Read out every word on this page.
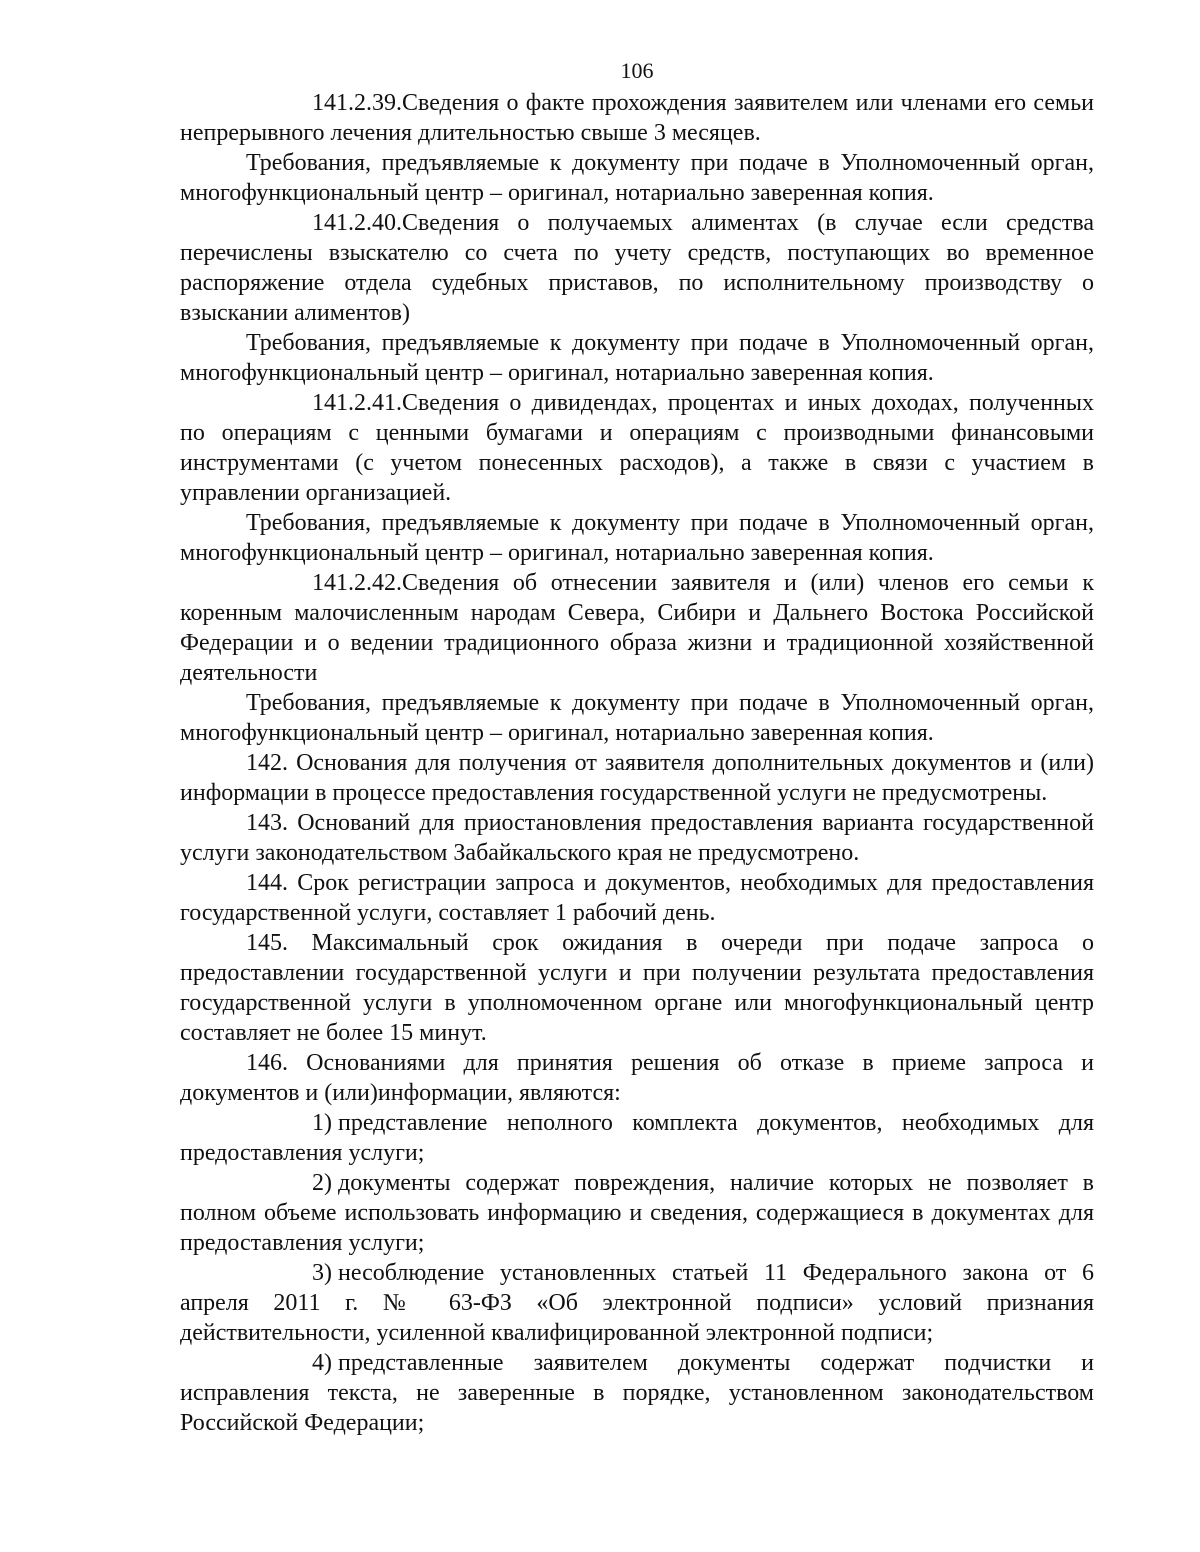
106

141.2.39.Сведения о факте прохождения заявителем или членами его семьи непрерывного лечения длительностью свыше 3 месяцев.

Требования, предъявляемые к документу при подаче в Уполномоченный орган, многофункциональный центр – оригинал, нотариально заверенная копия.

141.2.40.Сведения о получаемых алиментах (в случае если средства перечислены взыскателю со счета по учету средств, поступающих во временное распоряжение отдела судебных приставов, по исполнительному производству о взыскании алиментов)

Требования, предъявляемые к документу при подаче в Уполномоченный орган, многофункциональный центр – оригинал, нотариально заверенная копия.

141.2.41.Сведения о дивидендах, процентах и иных доходах, полученных по операциям с ценными бумагами и операциям с производными финансовыми инструментами (с учетом понесенных расходов), а также в связи с участием в управлении организацией.

Требования, предъявляемые к документу при подаче в Уполномоченный орган, многофункциональный центр – оригинал, нотариально заверенная копия.

141.2.42.Сведения об отнесении заявителя и (или) членов его семьи к коренным малочисленным народам Севера, Сибири и Дальнего Востока Российской Федерации и о ведении традиционного образа жизни и традиционной хозяйственной деятельности

Требования, предъявляемые к документу при подаче в Уполномоченный орган, многофункциональный центр – оригинал, нотариально заверенная копия.

142. Основания для получения от заявителя дополнительных документов и (или) информации в процессе предоставления государственной услуги не предусмотрены.

143. Оснований для приостановления предоставления варианта государственной услуги законодательством Забайкальского края не предусмотрено.

144. Срок регистрации запроса и документов, необходимых для предоставления государственной услуги, составляет 1 рабочий день.

145. Максимальный срок ожидания в очереди при подаче запроса о предоставлении государственной услуги и при получении результата предоставления государственной услуги в уполномоченном органе или многофункциональный центр составляет не более 15 минут.

146. Основаниями для принятия решения об отказе в приеме запроса и документов и (или)информации, являются:

1) представление неполного комплекта документов, необходимых для предоставления услуги;

2) документы содержат повреждения, наличие которых не позволяет в полном объеме использовать информацию и сведения, содержащиеся в документах для предоставления услуги;

3) несоблюдение установленных статьей 11 Федерального закона от 6 апреля 2011 г. № 63-ФЗ «Об электронной подписи» условий признания действительности, усиленной квалифицированной электронной подписи;

4) представленные заявителем документы содержат подчистки и исправления текста, не заверенные в порядке, установленном законодательством Российской Федерации;
